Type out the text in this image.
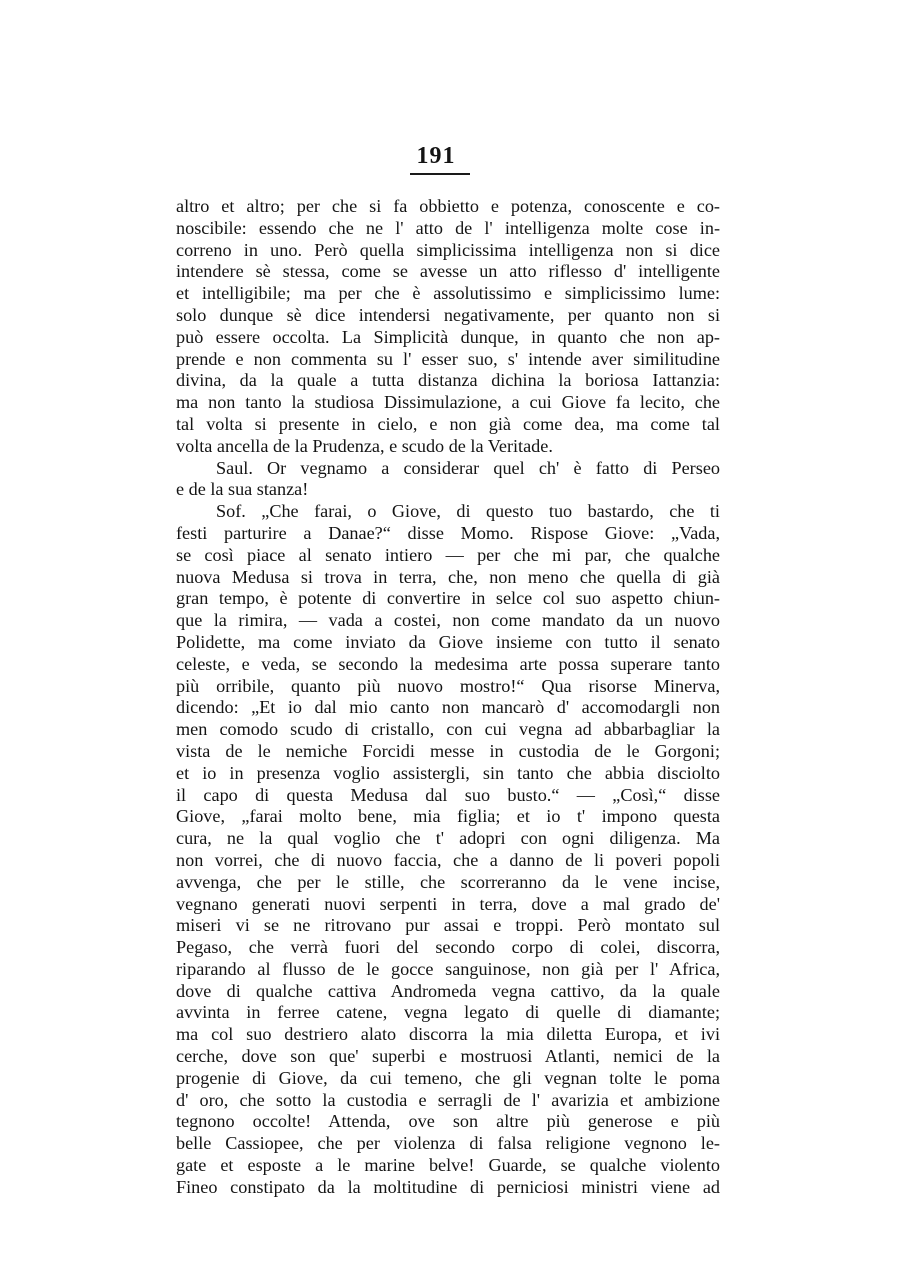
191
altro et altro; per che si fa obbietto e potenza, conoscente e co-
noscibile: essendo che ne l' atto de l' intelligenza molte cose in-
correno in uno. Però quella simplicissima intelligenza non si dice
intendere sè stessa, come se avesse un atto riflesso d' intelligente
et intelligibile; ma per che è assolutissimo e simplicissimo lume:
solo dunque sè dice intendersi negativamente, per quanto non si
può essere occolta. La Simplicità dunque, in quanto che non ap-
prende e non commenta su l' esser suo, s' intende aver similitudine
divina, da la quale a tutta distanza dichina la boriosa Iattanzia:
ma non tanto la studiosa Dissimulazione, a cui Giove fa lecito, che
tal volta si presente in cielo, e non già come dea, ma come tal
volta ancella de la Prudenza, e scudo de la Veritade.
Saul. Or vegnamo a considerar quel ch' è fatto di Perseo
e de la sua stanza!
Sof. „Che farai, o Giove, di questo tuo bastardo, che ti
festi parturire a Danae?“ disse Momo. Rispose Giove: „Vada,
se così piace al senato intiero — per che mi par, che qualche
nuova Medusa si trova in terra, che, non meno che quella di già
gran tempo, è potente di convertire in selce col suo aspetto chiun-
que la rimira, — vada a costei, non come mandato da un nuovo
Polidette, ma come inviato da Giove insieme con tutto il senato
celeste, e veda, se secondo la medesima arte possa superare tanto
più orribile, quanto più nuovo mostro!“ Qua risorse Minerva,
dicendo: „Et io dal mio canto non mancarò d' accomodargli non
men comodo scudo di cristallo, con cui vegna ad abbarbagliar la
vista de le nemiche Forcidi messe in custodia de le Gorgoni;
et io in presenza voglio assistergli, sin tanto che abbia disciolto
il capo di questa Medusa dal suo busto.“ — „Così,“ disse
Giove, „farai molto bene, mia figlia; et io t' impono questa
cura, ne la qual voglio che t' adopri con ogni diligenza. Ma
non vorrei, che di nuovo faccia, che a danno de li poveri popoli
avvenga, che per le stille, che scorreranno da le vene incise,
vegnano generati nuovi serpenti in terra, dove a mal grado de'
miseri vi se ne ritrovano pur assai e troppi. Però montato sul
Pegaso, che verrà fuori del secondo corpo di colei, discorra,
riparando al flusso de le gocce sanguinose, non già per l' Africa,
dove di qualche cattiva Andromeda vegna cattivo, da la quale
avvinta in ferree catene, vegna legato di quelle di diamante;
ma col suo destriero alato discorra la mia diletta Europa, et ivi
cerche, dove son que' superbi e mostruosi Atlanti, nemici de la
progenie di Giove, da cui temeno, che gli vegnan tolte le poma
d' oro, che sotto la custodia e serragli de l' avarizia et ambizione
tegnono occolte! Attenda, ove son altre più generose e più
belle Cassiopee, che per violenza di falsa religione vegnono le-
gate et esposte a le marine belve! Guarde, se qualche violento
Fineo constipato da la moltitudine di perniciosi ministri viene ad
